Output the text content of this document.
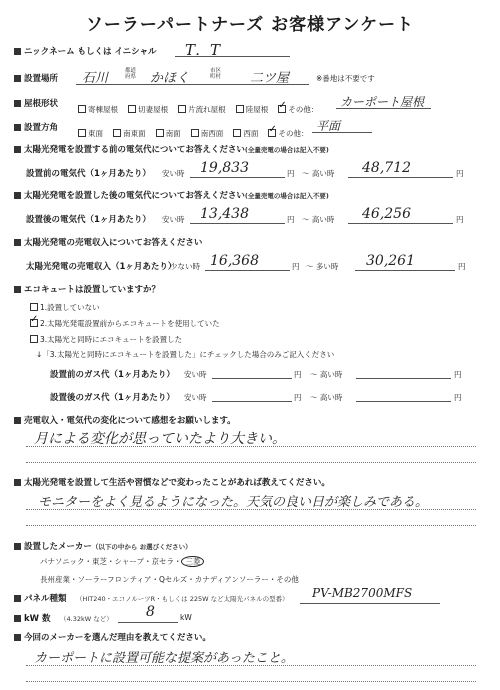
ソーラーパートナーズ お客様アンケート
ニックネーム もしくは イニシャル T．T
設置場所 石川	都道
府県 かほく	市区
町村 二ツ屋	※番地は不要です
屋根形状
寄棟屋根	切妻屋根	片流れ屋根	陸屋根 ✓	その他：
カーポート屋根
設置方角
東面	南東面	南面	南西面	西面 ✓	その他：
平面
太陽光発電を設置する前の電気代についてお答えください(全量売電の場合は記入不要)
設置前の電気代（1ヶ月あたり） 安い時 19,833	円 〜 高い時 48,712	円
太陽光発電を設置した後の電気代についてお答えください(全量売電の場合は記入不要)
設置後の電気代（1ヶ月あたり） 安い時 13,438	円 〜 高い時 46,256	円
太陽光発電の売電収入についてお答えください
太陽光発電の売電収入（1ヶ月あたり）
少ない時 16,368	円 〜 多い時 30,261	円
エコキュートは設置していますか？
1.設置していない
✓2.太陽光発電設置前からエコキュートを使用していた
3.太陽光と同時にエコキュートを設置した
↓「3.太陽光と同時にエコキュートを設置した」にチェックした場合のみご記入ください
設置前のガス代（1ヶ月あたり） 安い時	円 〜 高い時	円
設置後のガス代（1ヶ月あたり） 安い時	円 〜 高い時	円
売電収入・電気代の変化について感想をお願いします。
月による変化が思っていたより大きい。
太陽光発電を設置して生活や習慣などで変わったことがあれば教えてください。
モニターをよく見るようになった。天気の良い日が楽しみである。
設置したメーカー（以下の中から お選びください）
パナソニック・東芝・シャープ・京セラ・ 三菱
長州産業・ソーラーフロンティア・Qセルズ・カナディアンソーラー・その他
パネル種類 （HIT240・エコノルーツR・もしくは 225W など太陽光パネルの型番） PV-MB2700MFS
kW 数 （4.32kW など） 8	kW
今回のメーカーを選んだ理由を教えてください。
カーポートに設置可能な提案があったこと。
